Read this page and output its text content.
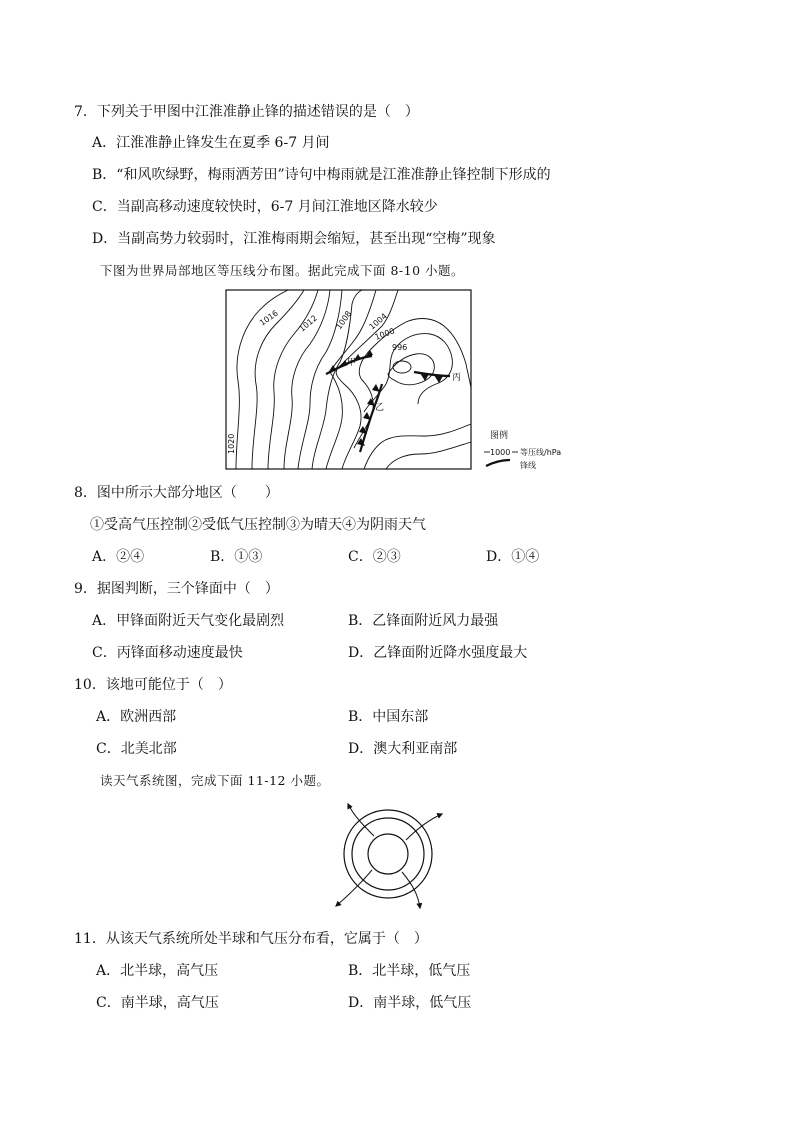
7．下列关于甲图中江淮准静止锋的描述错误的是（　）
A．江淮准静止锋发生在夏季 6-7 月间
B．“和风吹绿野，梅雨洒芳田”诗句中梅雨就是江淮准静止锋控制下形成的
C．当副高移动速度较快时，6-7 月间江淮地区降水较少
D．当副高势力较弱时，江淮梅雨期会缩短，甚至出现“空梅”现象
下图为世界局部地区等压线分布图。据此完成下面 8-10 小题。
1016 1012 1008 1004
1000
996
1020
甲
乙
丙
图例
1000 等压线/hPa
锋线
8．图中所示大部分地区（　　）
①受高气压控制②受低气压控制③为晴天④为阴雨天气
A．②④	B．①③	C．②③	D．①④
9．据图判断，三个锋面中（　）
A．甲锋面附近天气变化最剧烈	B．乙锋面附近风力最强
C．丙锋面移动速度最快	D．乙锋面附近降水强度最大
10．该地可能位于（　）
A．欧洲西部	B．中国东部
C．北美北部	D．澳大利亚南部
读天气系统图，完成下面 11-12 小题。
11．从该天气系统所处半球和气压分布看，它属于（　）
A．北半球，高气压	B．北半球，低气压
C．南半球，高气压	D．南半球，低气压
